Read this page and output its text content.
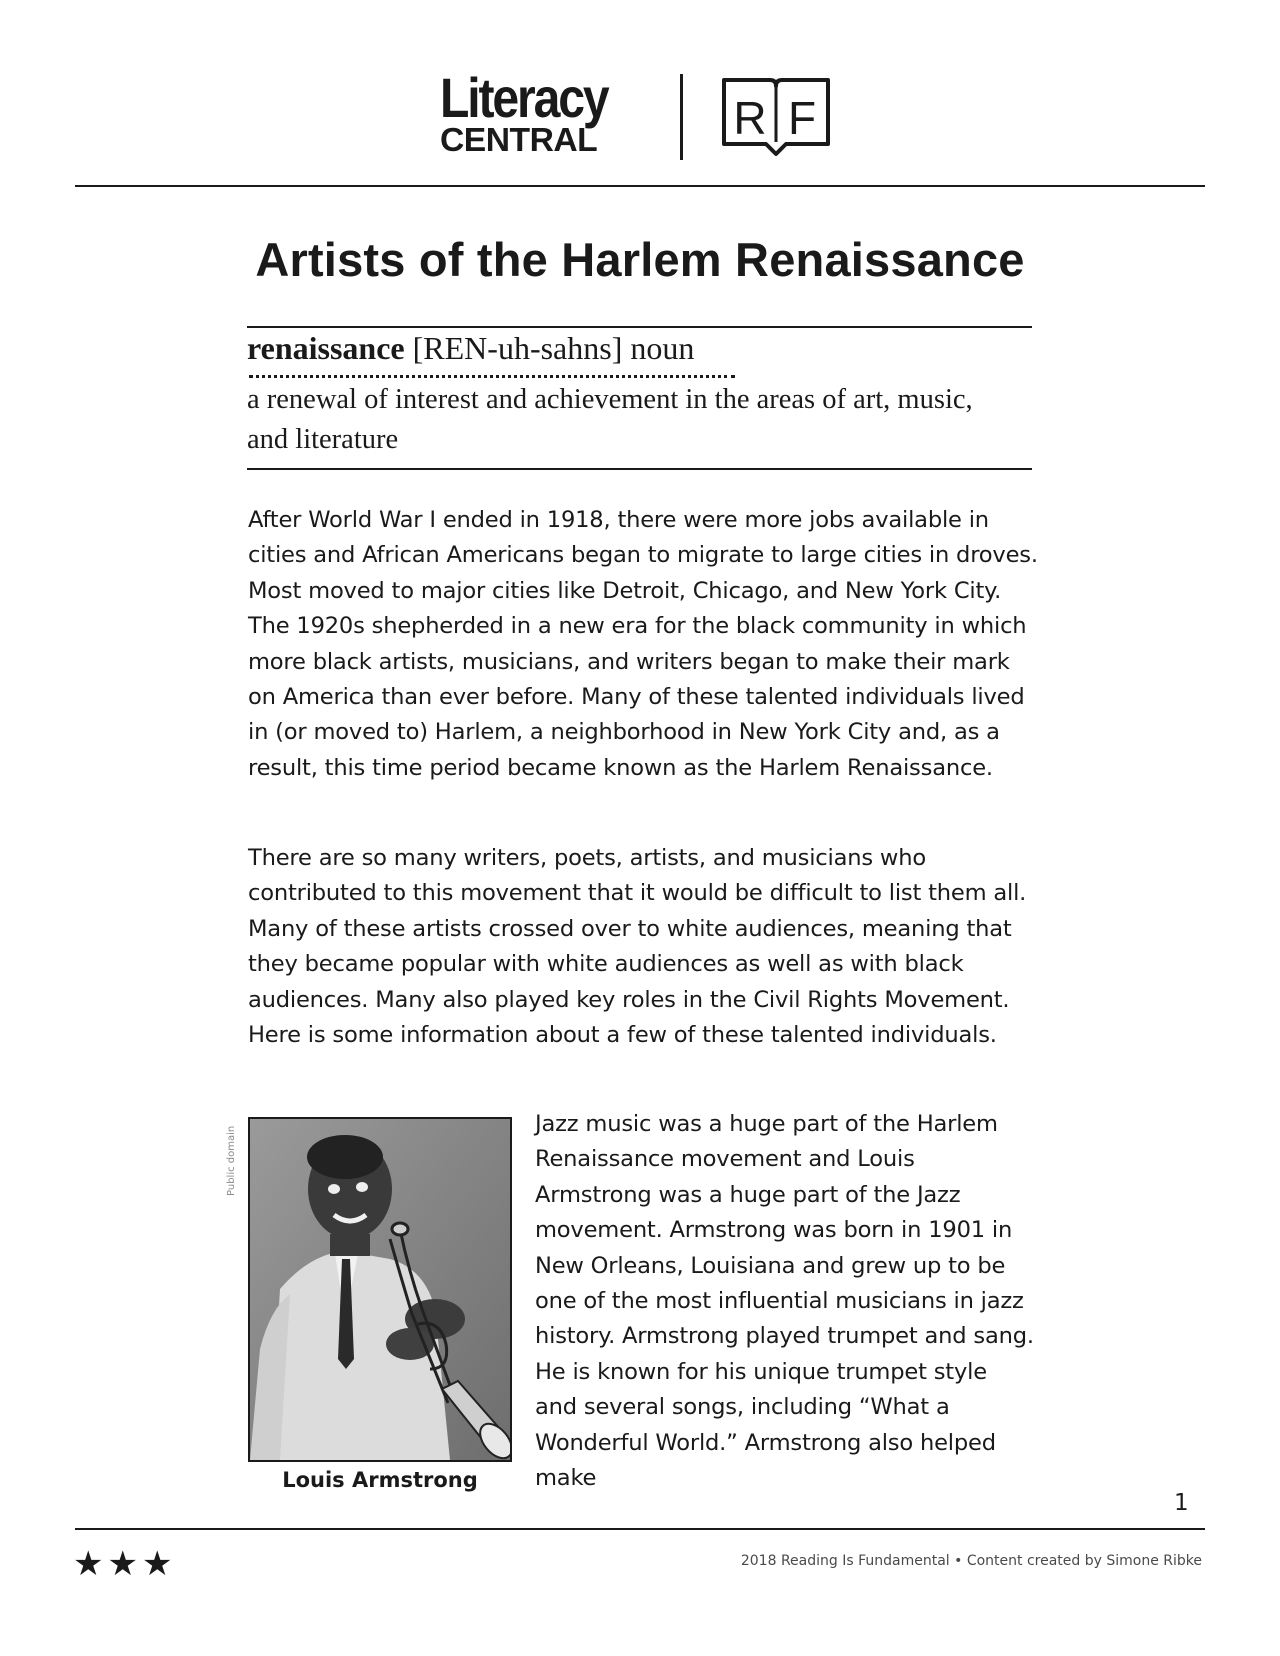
Literacy
CENTRAL	R F
Artists of the Harlem Renaissance
renaissance [REN-uh-sahns] noun
a renewal of interest and achievement in the areas of art, music, and literature
After World War I ended in 1918, there were more jobs available in cities and African Americans began to migrate to large cities in droves. Most moved to major cities like Detroit, Chicago, and New York City. The 1920s shepherded in a new era for the black community in which more black artists, musicians, and writers began to make their mark on America than ever before. Many of these talented individuals lived in (or moved to) Harlem, a neighborhood in New York City and, as a result, this time period became known as the Harlem Renaissance.
There are so many writers, poets, artists, and musicians who contributed to this movement that it would be difficult to list them all. Many of these artists crossed over to white audiences, meaning that they became popular with white audiences as well as with black audiences. Many also played key roles in the Civil Rights Movement. Here is some information about a few of these talented individuals.
Public domain
Louis Armstrong
Jazz music was a huge part of the Harlem Renaissance movement and Louis Armstrong was a huge part of the Jazz movement. Armstrong was born in 1901 in New Orleans, Louisiana and grew up to be one of the most influential musicians in jazz history. Armstrong played trumpet and sang. He is known for his unique trumpet style and several songs, including “What a Wonderful World.” Armstrong also helped make
1
★★★	2018 Reading Is Fundamental • Content created by Simone Ribke
